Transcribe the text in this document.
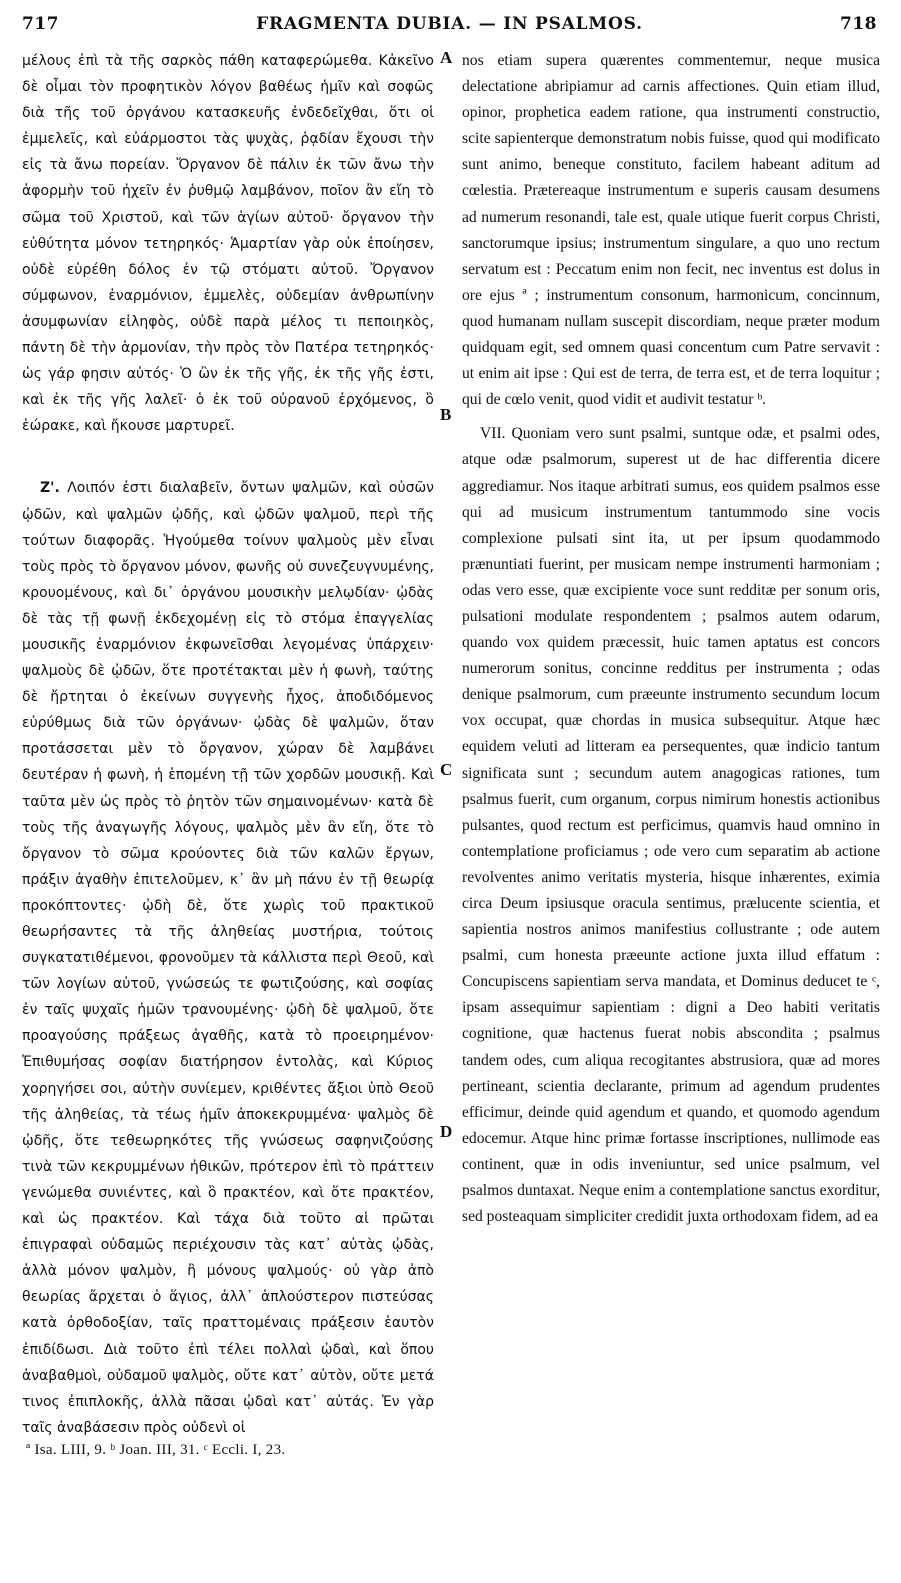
717	FRAGMENTA DUBIA. — IN PSALMOS.	718

μέλους ἐπὶ τὰ τῆς σαρκὸς πάθη καταφερώμεθα. Κἀκεῖνο δὲ οἶμαι τὸν προφητικὸν λόγον βαθέως ἡμῖν καὶ σοφῶς διὰ τῆς τοῦ ὀργάνου κατασκευῆς ἐνδεδεῖχθαι, ὅτι οἱ ἐμμελεῖς, καὶ εὐάρμοστοι τὰς ψυχὰς, ῥᾳδίαν ἔχουσι τὴν εἰς τὰ ἄνω πορείαν. Ὄργανον δὲ πάλιν ἐκ τῶν ἄνω τὴν ἀφορμὴν τοῦ ἠχεῖν ἐν ῥυθμῷ λαμβάνον, ποῖον ἂν εἴη τὸ σῶμα τοῦ Χριστοῦ, καὶ τῶν ἁγίων αὐτοῦ· ὄργανον τὴν εὐθύτητα μόνον τετηρηκός· Ἁμαρτίαν γὰρ οὐκ ἐποίησεν, οὐδὲ εὑρέθη δόλος ἐν τῷ στόματι αὐτοῦ. Ὄργανον σύμφωνον, ἐναρμόνιον, ἐμμελὲς, οὐδεμίαν ἀνθρωπίνην ἀσυμφωνίαν εἰληφὸς, οὐδὲ παρὰ μέλος τι πεποιηκὸς, πάντη δὲ τὴν ἁρμονίαν, τὴν πρὸς τὸν Πατέρα τετηρηκός· ὡς γάρ φησιν αὐτός· Ὁ ὢν ἐκ τῆς γῆς, ἐκ τῆς γῆς ἐστι, καὶ ἐκ τῆς γῆς λαλεῖ· ὁ ἐκ τοῦ οὐρανοῦ ἐρχόμενος, ὃ ἑώρακε, καὶ ἤκουσε μαρτυρεῖ.

Ζ'. Λοιπόν ἐστι διαλαβεῖν, ὄντων ψαλμῶν, καὶ οὐσῶν ᾠδῶν, καὶ ψαλμῶν ᾠδῆς, καὶ ᾠδῶν ψαλμοῦ, περὶ τῆς τούτων διαφορᾶς. Ἡγούμεθα τοίνυν ψαλμοὺς μὲν εἶναι τοὺς πρὸς τὸ ὄργανον μόνον, φωνῆς οὐ συνεζευγνυμένης, κρουομένους, καὶ δι᾽ ὀργάνου μουσικὴν μελῳδίαν· ᾠδὰς δὲ τὰς τῇ φωνῇ ἐκδεχομένῃ εἰς τὸ στόμα ἐπαγγελίας μουσικῆς ἐναρμόνιον ἐκφωνεῖσθαι λεγομένας ὑπάρχειν· ψαλμοὺς δὲ ᾠδῶν, ὅτε προτέτακται μὲν ἡ φωνὴ, ταύτης δὲ ἤρτηται ὁ ἐκείνων συγγενὴς ἦχος, ἀποδιδόμενος εὐρύθμως διὰ τῶν ὀργάνων· ᾠδὰς δὲ ψαλμῶν, ὅταν προτάσσεται μὲν τὸ ὄργανον, χώραν δὲ λαμβάνει δευτέραν ἡ φωνὴ, ἡ ἑπομένη τῇ τῶν χορδῶν μουσικῇ. Καὶ ταῦτα μὲν ὡς πρὸς τὸ ῥητὸν τῶν σημαινομένων· κατὰ δὲ τοὺς τῆς ἀναγωγῆς λόγους, ψαλμὸς μὲν ἂν εἴη, ὅτε τὸ ὄργανον τὸ σῶμα κρούοντες διὰ τῶν καλῶν ἔργων, πράξιν ἀγαθὴν ἐπιτελοῦμεν, κ᾽ ἂν μὴ πάνυ ἐν τῇ θεωρίᾳ προκόπτοντες· ᾠδὴ δὲ, ὅτε χωρὶς τοῦ πρακτικοῦ θεωρήσαντες τὰ τῆς ἀληθείας μυστήρια, τούτοις συγκατατιθέμενοι, φρονοῦμεν τὰ κάλλιστα περὶ Θεοῦ, καὶ τῶν λογίων αὐτοῦ, γνώσεώς τε φωτιζούσης, καὶ σοφίας ἐν ταῖς ψυχαῖς ἡμῶν τρανουμένης· ᾠδὴ δὲ ψαλμοῦ, ὅτε προαγούσης πράξεως ἀγαθῆς, κατὰ τὸ προειρημένον· Ἐπιθυμήσας σοφίαν διατήρησον ἐντολὰς, καὶ Κύριος χορηγήσει σοι, αὐτὴν συνίεμεν, κριθέντες ἄξιοι ὑπὸ Θεοῦ τῆς ἀληθείας, τὰ τέως ἡμῖν ἀποκεκρυμμένα· ψαλμὸς δὲ ᾠδῆς, ὅτε τεθεωρηκότες τῆς γνώσεως σαφηνιζούσης τινὰ τῶν κεκρυμμένων ἠθικῶν, πρότερον ἐπὶ τὸ πράττειν γενώμεθα συνιέντες, καὶ ὃ πρακτέον, καὶ ὅτε πρακτέον, καὶ ὡς πρακτέον. Καὶ τάχα διὰ τοῦτο αἱ πρῶται ἐπιγραφαὶ οὐδαμῶς περιέχουσιν τὰς κατ᾽ αὐτὰς ᾠδὰς, ἀλλὰ μόνον ψαλμὸν, ἢ μόνους ψαλμούς· οὐ γὰρ ἀπὸ θεωρίας ἄρχεται ὁ ἅγιος, ἀλλ᾽ ἁπλούστερον πιστεύσας κατὰ ὀρθοδοξίαν, ταῖς πραττομέναις πράξεσιν ἑαυτὸν ἐπιδίδωσι. Διὰ τοῦτο ἐπὶ τέλει πολλαὶ ᾠδαὶ, καὶ ὅπου ἀναβαθμοὶ, οὐδαμοῦ ψαλμὸς, οὔτε κατ᾽ αὐτὸν, οὔτε μετά τινος ἐπιπλοκῆς, ἀλλὰ πᾶσαι ᾠδαὶ κατ᾽ αὐτάς. Ἐν γὰρ ταῖς ἀναβάσεσιν πρὸς οὐδενὶ οἱ

A
B
C
D

nos etiam supera quærentes commentemur, neque musica delectatione abripiamur ad carnis affectiones. Quin etiam illud, opinor, prophetica eadem ratione, qua instrumenti constructio, scite sapienterque demonstratum nobis fuisse, quod qui modificato sunt animo, beneque constituto, facilem habeant aditum ad cœlestia. Prætereaque instrumentum e superis causam desumens ad numerum resonandi, tale est, quale utique fuerit corpus Christi, sanctorumque ipsius; instrumentum singulare, a quo uno rectum servatum est : Peccatum enim non fecit, nec inventus est dolus in ore ejus ª ; instrumentum consonum, harmonicum, concinnum, quod humanam nullam suscepit discordiam, neque præter modum quidquam egit, sed omnem quasi concentum cum Patre servavit : ut enim ait ipse : Qui est de terra, de terra est, et de terra loquitur ; qui de cœlo venit, quod vidit et audivit testatur ᵇ.

VII. Quoniam vero sunt psalmi, suntque odæ, et psalmi odes, atque odæ psalmorum, superest ut de hac differentia dicere aggrediamur. Nos itaque arbitrati sumus, eos quidem psalmos esse qui ad musicum instrumentum tantummodo sine vocis complexione pulsati sint ita, ut per ipsum quodammodo prænuntiati fuerint, per musicam nempe instrumenti harmoniam ; odas vero esse, quæ excipiente voce sunt redditæ per sonum oris, pulsationi modulate respondentem ; psalmos autem odarum, quando vox quidem præcessit, huic tamen aptatus est concors numerorum sonitus, concinne redditus per instrumenta ; odas denique psalmorum, cum præeunte instrumento secundum locum vox occupat, quæ chordas in musica subsequitur. Atque hæc equidem veluti ad litteram ea persequentes, quæ indicio tantum significata sunt ; secundum autem anagogicas rationes, tum psalmus fuerit, cum organum, corpus nimirum honestis actionibus pulsantes, quod rectum est perficimus, quamvis haud omnino in contemplatione proficiamus ; ode vero cum separatim ab actione revolventes animo veritatis mysteria, hisque inhærentes, eximia circa Deum ipsiusque oracula sentimus, prælucente scientia, et sapientia nostros animos manifestius collustrante ; ode autem psalmi, cum honesta præeunte actione juxta illud effatum : Concupiscens sapientiam serva mandata, et Dominus deducet te ᶜ, ipsam assequimur sapientiam : digni a Deo habiti veritatis cognitione, quæ hactenus fuerat nobis abscondita ; psalmus tandem odes, cum aliqua recogitantes abstrusiora, quæ ad mores pertineant, scientia declarante, primum ad agendum prudentes efficimur, deinde quid agendum et quando, et quomodo agendum edocemur. Atque hinc primæ fortasse inscriptiones, nullimode eas continent, quæ in odis inveniuntur, sed unice psalmum, vel psalmos duntaxat. Neque enim a contemplatione sanctus exorditur, sed posteaquam simpliciter credidit juxta orthodoxam fidem, ad ea

ª Isa. LIII, 9. ᵇ Joan. III, 31. ᶜ Eccli. I, 23.
